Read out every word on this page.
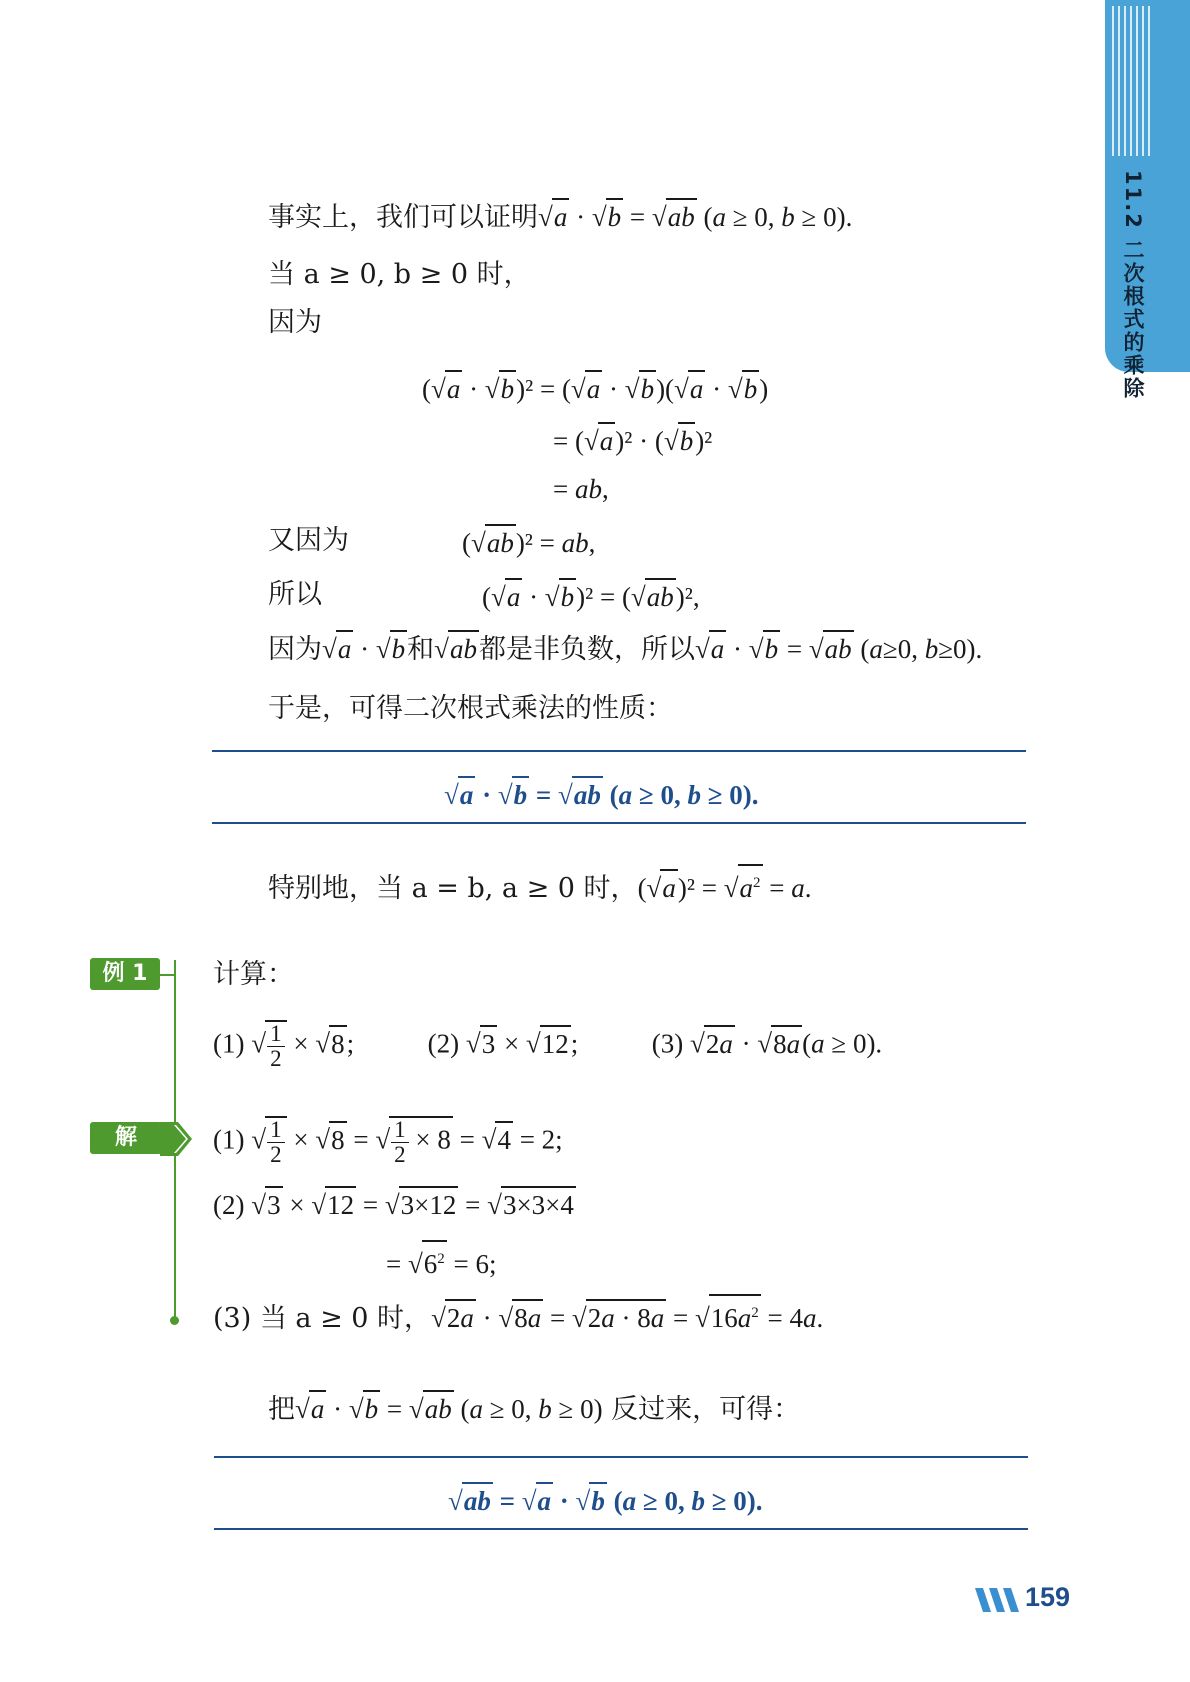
11.2 二次根式的乘除
事实上，我们可以证明√a · √b = √ab (a ≥ 0, b ≥ 0).
当 a ≥ 0, b ≥ 0 时，
因为
(√a · √b)² = (√a · √b)(√a · √b)
= (√a)² · (√b)²
= ab,
又因为	(√ab)² = ab,
所以	(√a · √b)² = (√ab)²,
因为√a · √b和√ab都是非负数，所以√a · √b = √ab (a≥0, b≥0).
于是，可得二次根式乘法的性质：
√a · √b = √ab (a ≥ 0, b ≥ 0).
特别地，当 a = b, a ≥ 0 时，$(√a)^2 = √a^2 = a$.
例 1	计算：
(1) √ $\frac{1}{2} \times √8$;  (2) √3 × √12;  (3) √2a · √8a(a ≥ 0).
解	(1) √ $\frac{1}{2} \times √8$ = √ $\frac{1}{2} \times 8 = √4 = 2$;
(2) √3 × √12 = √3×12 = √3×3×4
= $√6^2 = 6$;
(3) 当 a ≥ 0 时，$√2a \cdot √8a = √2a \cdot 8a = √16a^2 = 4a$.
把√a · √b = √ab (a ≥ 0, b ≥ 0) 反过来，可得：
√ab = √a · √b (a ≥ 0, b ≥ 0).
159
